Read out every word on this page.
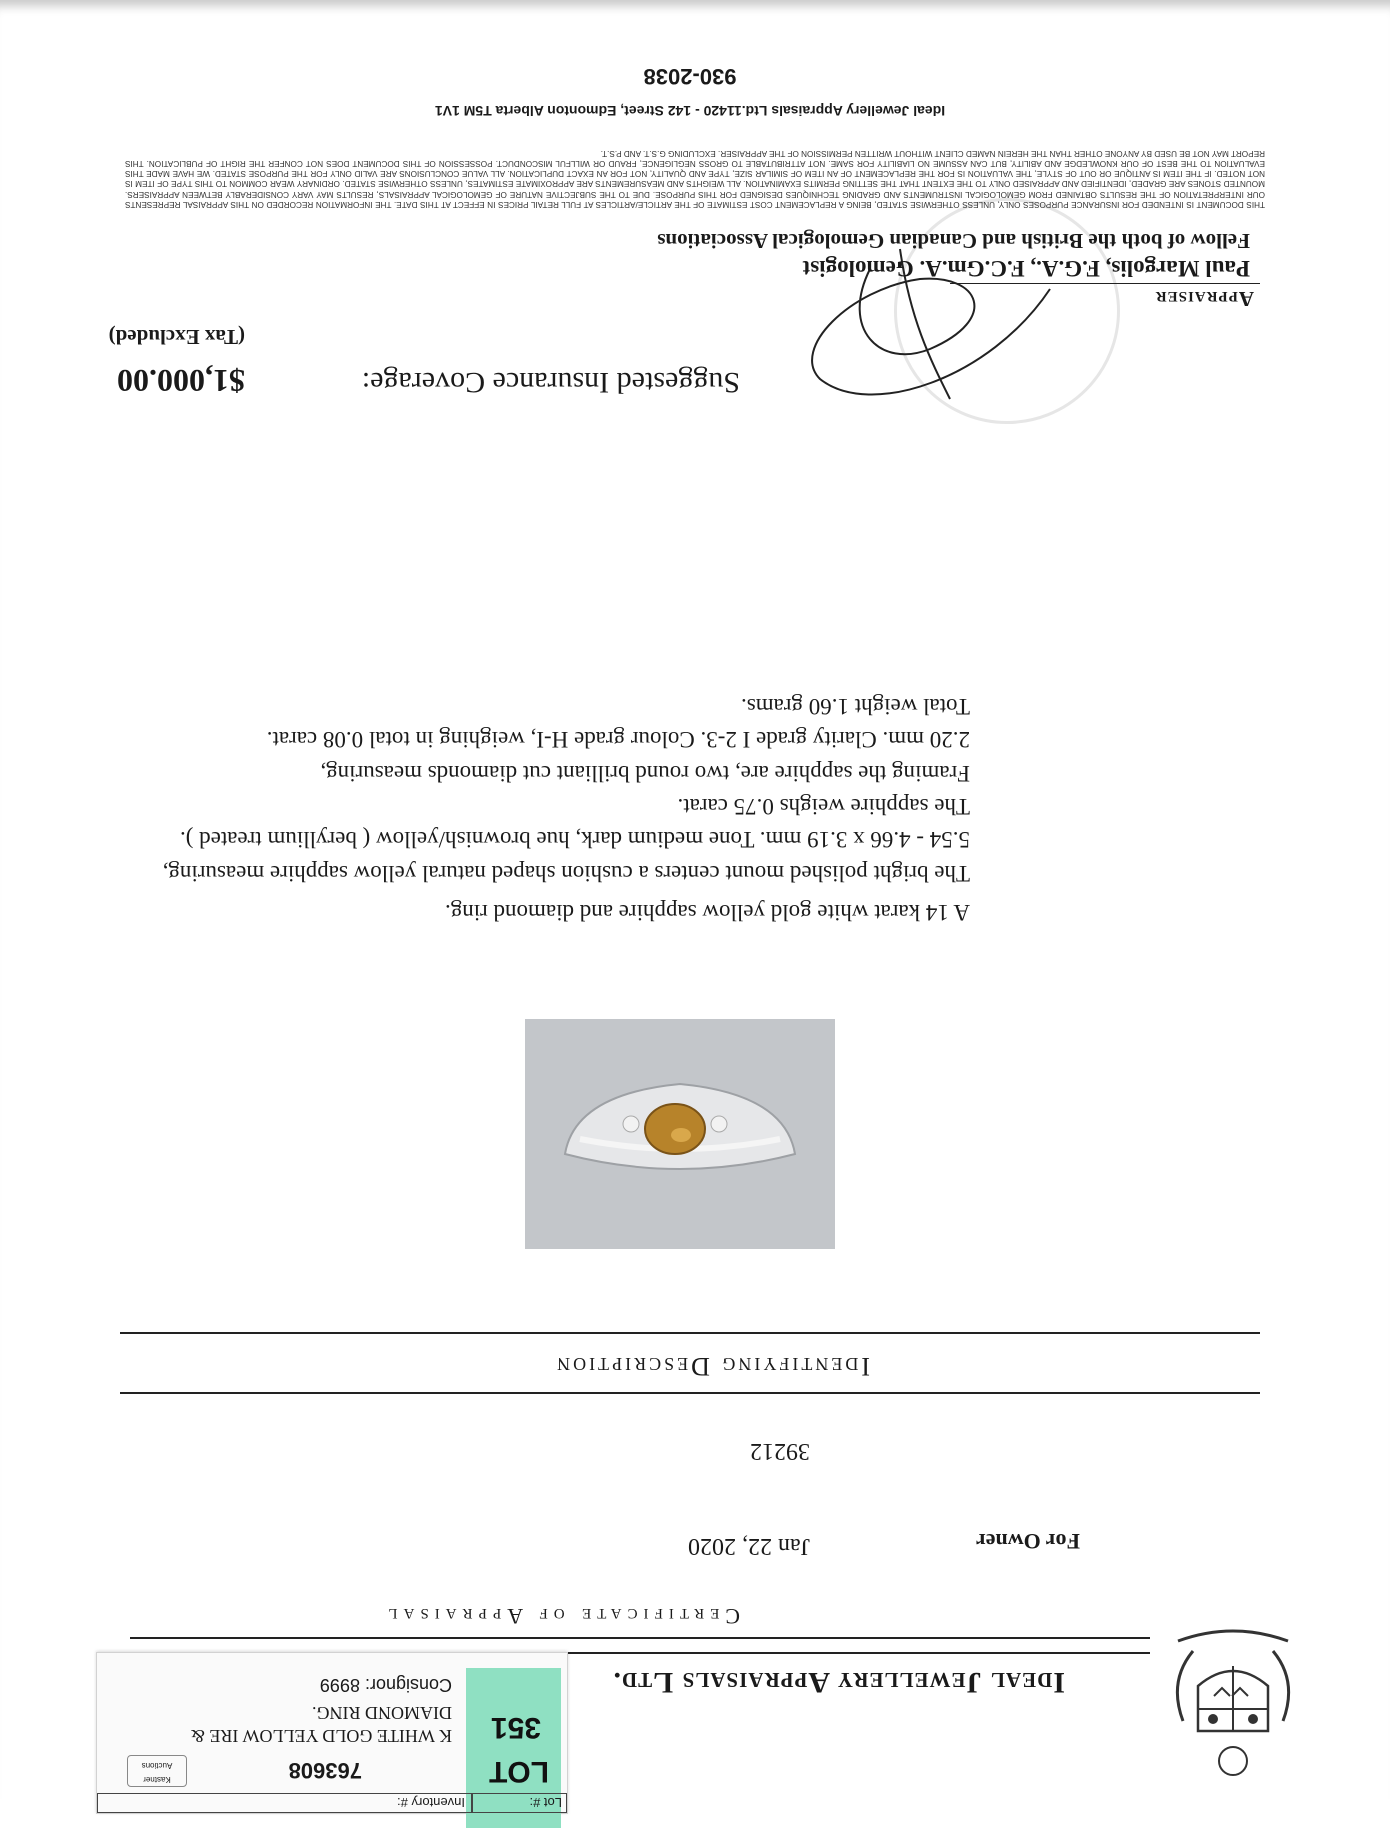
Ideal Jewellery Appraisals Ltd.
Certificate of Appraisal
For Owner
Jan 22, 2020
39212
Identifying Description

A 14 karat white gold yellow sapphire and diamond ring.

The bright polished mount centers a cushion shaped natural yellow sapphire measuring,

5.54 - 4.66 x 3.19 mm. Tone medium dark, hue brownish/yellow ( beryllium treated ).

The sapphire weighs 0.75 carat.

Framing the sapphire are, two round brilliant cut diamonds measuring,

2.20 mm. Clarity grade I 2-3. Colour grade H-I, weighing in total 0.08 carat.

Total weight 1.60 grams.

Suggested Insurance Coverage:
$1,000.00
(Tax Excluded)
Appraiser
Paul Margolis, F.G.A., F.C.Gm.A. Gemologist
Fellow of both the British and Canadian Gemological Associations
THIS DOCUMENT IS INTENDED FOR INSURANCE PURPOSES ONLY, UNLESS OTHERWISE STATED, BEING A REPLACEMENT COST ESTIMATE OF THE ARTICLE/ARTICLES AT FULL RETAIL PRICES IN EFFECT AT THIS DATE. THE INFORMATION RECORDED ON THIS APPRAISAL REPRESENTS OUR INTERPRETATION OF THE RESULTS OBTAINED FROM GEMOLOGICAL INSTRUMENTS AND GRADING TECHNIQUES DESIGNED FOR THIS PURPOSE. DUE TO THE SUBJECTIVE NATURE OF GEMOLOGICAL APPRAISALS, RESULTS MAY VARY CONSIDERABLY BETWEEN APPRAISERS. MOUNTED STONES ARE GRADED, IDENTIFIED AND APPRAISED ONLY TO THE EXTENT THAT THE SETTING PERMITS EXAMINATION. ALL WEIGHTS AND MEASUREMENTS ARE APPROXIMATE ESTIMATES, UNLESS OTHERWISE STATED. ORDINARY WEAR COMMON TO THIS TYPE OF ITEM IS NOT NOTED. IF THE ITEM IS ANTIQUE OR OUT OF STYLE, THE VALUATION IS FOR THE REPLACEMENT OF AN ITEM OF SIMILAR SIZE, TYPE AND QUALITY, NOT FOR AN EXACT DUPLICATION. ALL VALUE CONCLUSIONS ARE VALID ONLY FOR THE PURPOSE STATED. WE HAVE MADE THIS EVALUATION TO THE BEST OF OUR KNOWLEDGE AND ABILITY, BUT CAN ASSUME NO LIABILITY FOR SAME. NOT ATTRIBUTABLE TO GROSS NEGLIGENCE, FRAUD OR WILLFUL MISCONDUCT. POSSESSION OF THIS DOCUMENT DOES NOT CONFER THE RIGHT OF PUBLICATION. THIS REPORT MAY NOT BE USED BY ANYONE OTHER THAN THE HEREIN NAMED CLIENT WITHOUT WRITTEN PERMISSION OF THE APPRAISER. EXCLUDING G.S.T. AND P.S.T.
Ideal Jewellery Appraisals Ltd.11420 - 142 Street, Edmonton Alberta T5M 1V1
930-2038
LOT
351
Lot #:
Inventory #:
763608
Kastner Auctions
K WHITE GOLD YELLOW IRE & DIAMOND RING.
Consignor: 8999
